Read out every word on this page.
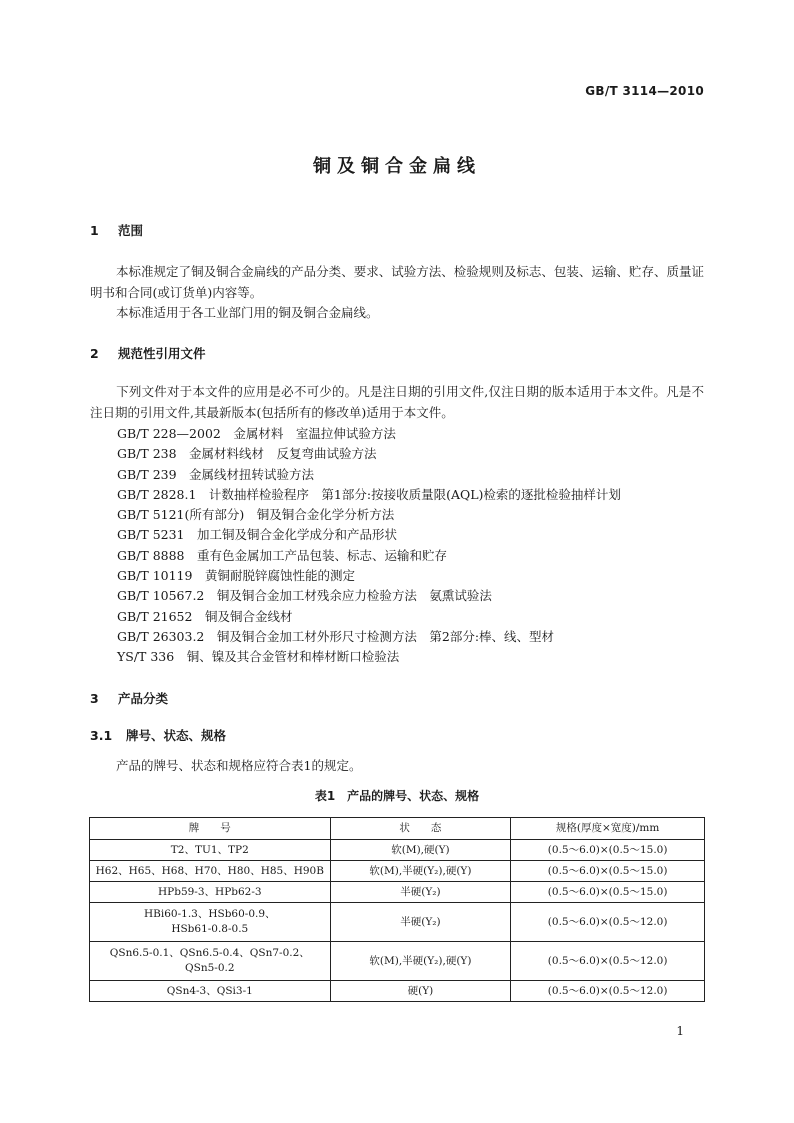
GB/T 3114—2010
铜及铜合金扁线
1 范围
本标准规定了铜及铜合金扁线的产品分类、要求、试验方法、检验规则及标志、包装、运输、贮存、质量证明书和合同(或订货单)内容等。
本标准适用于各工业部门用的铜及铜合金扁线。
2 规范性引用文件
下列文件对于本文件的应用是必不可少的。凡是注日期的引用文件,仅注日期的版本适用于本文件。凡是不注日期的引用文件,其最新版本(包括所有的修改单)适用于本文件。
GB/T 228—2002　金属材料　室温拉伸试验方法
GB/T 238　金属材料线材　反复弯曲试验方法
GB/T 239　金属线材扭转试验方法
GB/T 2828.1　计数抽样检验程序　第1部分:按接收质量限(AQL)检索的逐批检验抽样计划
GB/T 5121(所有部分)　铜及铜合金化学分析方法
GB/T 5231　加工铜及铜合金化学成分和产品形状
GB/T 8888　重有色金属加工产品包装、标志、运输和贮存
GB/T 10119　黄铜耐脱锌腐蚀性能的测定
GB/T 10567.2　铜及铜合金加工材残余应力检验方法　氨熏试验法
GB/T 21652　铜及铜合金线材
GB/T 26303.2　铜及铜合金加工材外形尺寸检测方法　第2部分:棒、线、型材
YS/T 336　铜、镍及其合金管材和棒材断口检验法
3 产品分类
3.1 牌号、状态、规格
产品的牌号、状态和规格应符合表1的规定。
表1　产品的牌号、状态、规格
牌　　号	状　　态	规格(厚度×宽度)/mm
T2、TU1、TP2	软(M),硬(Y)	(0.5～6.0)×(0.5～15.0)
H62、H65、H68、H70、H80、H85、H90B	软(M),半硬(Y₂),硬(Y)	(0.5～6.0)×(0.5～15.0)
HPb59-3、HPb62-3	半硬(Y₂)	(0.5～6.0)×(0.5～15.0)
HBi60-1.3、HSb60-0.9、
HSb61-0.8-0.5	半硬(Y₂)	(0.5～6.0)×(0.5～12.0)
QSn6.5-0.1、QSn6.5-0.4、QSn7-0.2、
QSn5-0.2	软(M),半硬(Y₂),硬(Y)	(0.5～6.0)×(0.5～12.0)
QSn4-3、QSi3-1	硬(Y)	(0.5～6.0)×(0.5～12.0)
1
